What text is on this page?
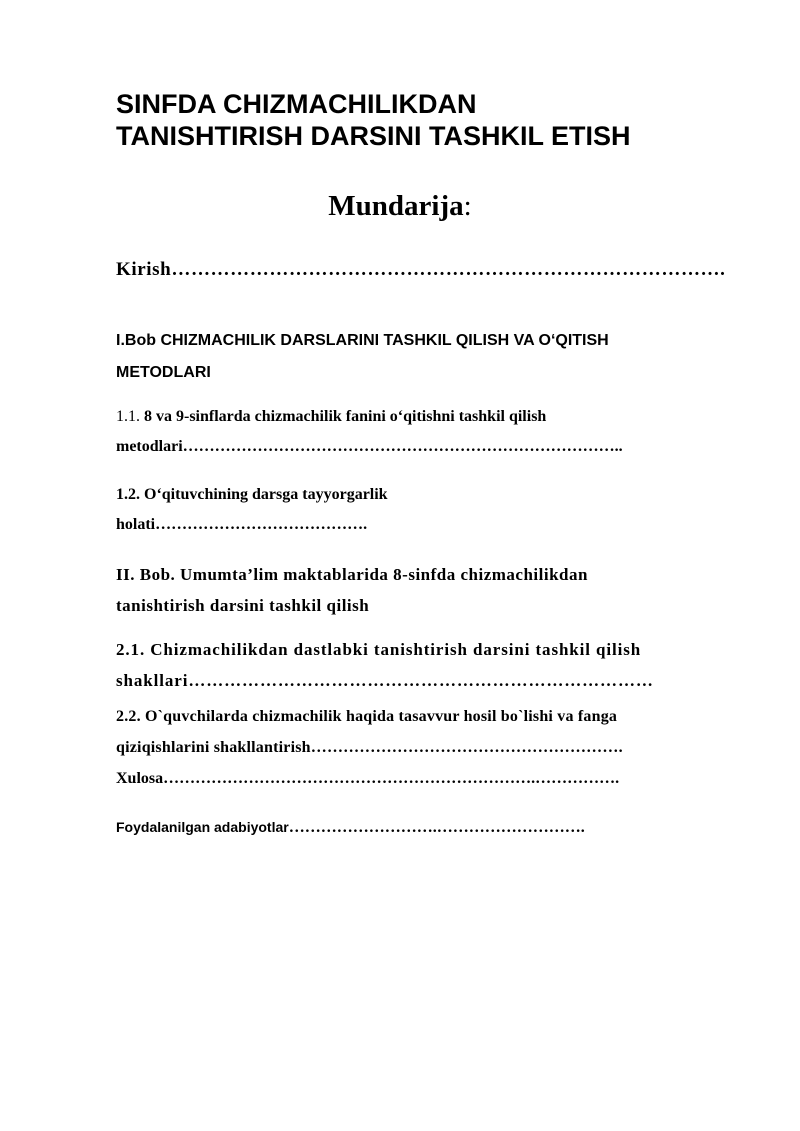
SINFDA CHIZMACHILIKDAN
TANISHTIRISH DARSINI TASHKIL ETISH
Mundarija:

Kirish………………………………………………………………………….

I.Bob CHIZMACHILIK DARSLARINI TASHKIL QILISH VA O‘QITISH
METODLARI

1.1. 8 va 9-sinflarda chizmachilik fanini o‘qitishni tashkil qilish
metodlari………………………………………………………………………..

1.2. O‘qituvchining darsga tayyorgarlik
holati………………………………….

II. Bob. Umumta’lim maktablarida 8-sinfda chizmachilikdan
tanishtirish darsini tashkil qilish

2.1. Chizmachilikdan dastlabki tanishtirish darsini tashkil qilish
shakllari……………………………………………………………………

2.2. O`quvchilarda chizmachilik haqida tasavvur hosil bo`lishi va fanga
qiziqishlarini shakllantirish………………………………………………….

Xulosa…………………………………………………………….…………….

Foydalanilgan adabiyotlar……………………….……………………….
